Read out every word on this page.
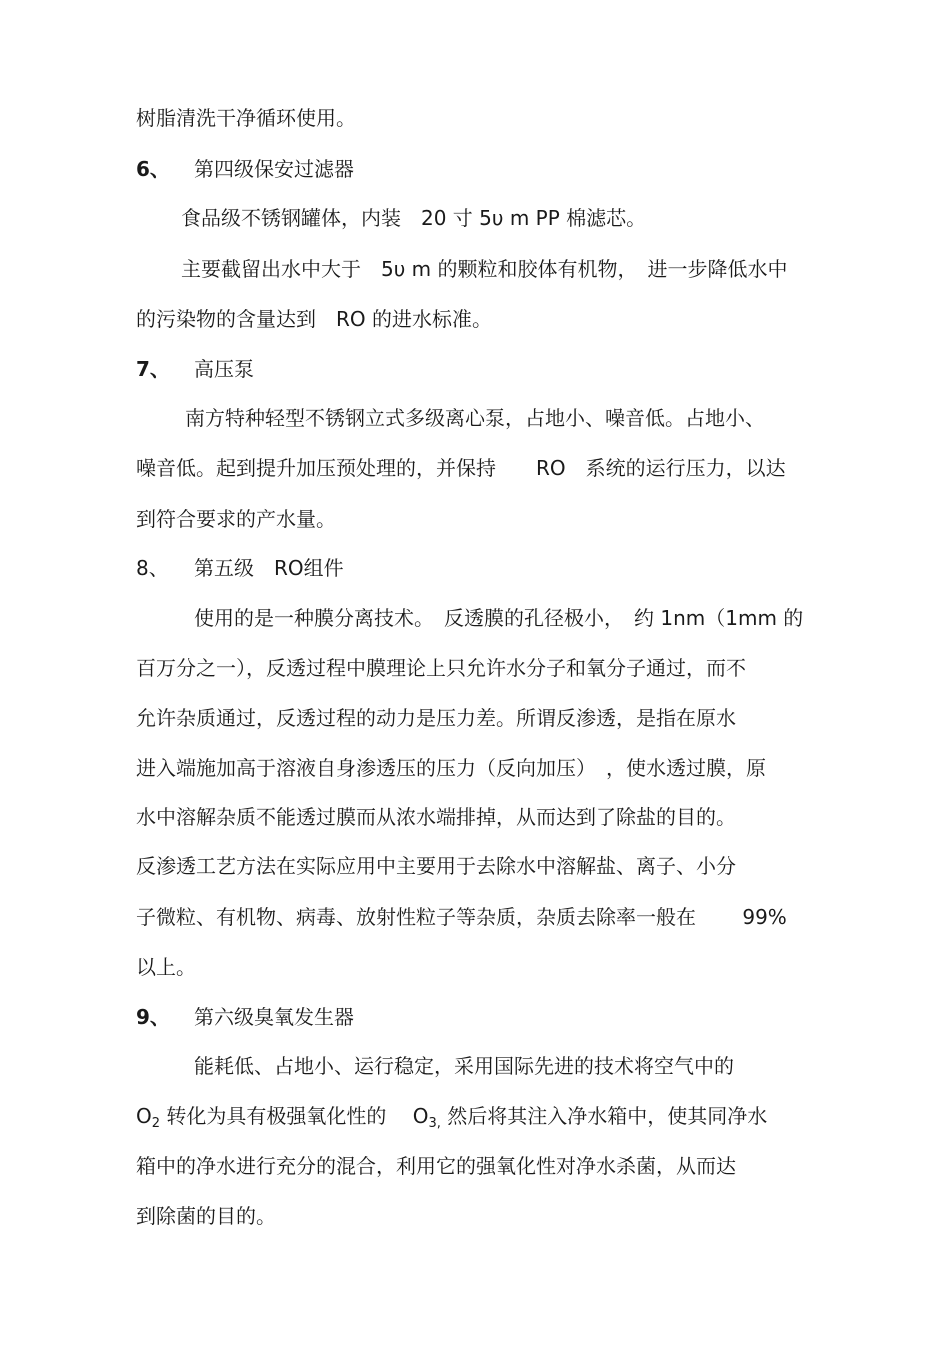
树脂清洗干净循环使用。
6、 第四级保安过滤器
食品级不锈钢罐体，内装　20 寸 5υ m PP 棉滤芯。
主要截留出水中大于　5υ m 的颗粒和胶体有机物，　进一步降低水中
的污染物的含量达到　RO 的进水标准。
7、 高压泵
南方特种轻型不锈钢立式多级离心泵，占地小、噪音低。占地小、
噪音低。起到提升加压预处理的，并保持　　RO　系统的运行压力，以达
到符合要求的产水量。
8、 第五级　RO组件
使用的是一种膜分离技术。　反透膜的孔径极小，　约 1nm（1mm 的
百万分之一），反透过程中膜理论上只允许水分子和氧分子通过，而不
允许杂质通过，反透过程的动力是压力差。所谓反渗透，是指在原水
进入端施加高于溶液自身渗透压的压力（反向加压）　，使水透过膜，原
水中溶解杂质不能透过膜而从浓水端排掉，从而达到了除盐的目的。
反渗透工艺方法在实际应用中主要用于去除水中溶解盐、离子、小分
子微粒、有机物、病毒、放射性粒子等杂质，杂质去除率一般在　　 99%
以上。
9、 第六级臭氧发生器
能耗低、占地小、运行稳定，采用国际先进的技术将空气中的
$O_2$ 转化为具有极强氧化性的　 $O_{3,}$ 然后将其注入净水箱中，使其同净水
箱中的净水进行充分的混合，利用它的强氧化性对净水杀菌，从而达
到除菌的目的。
